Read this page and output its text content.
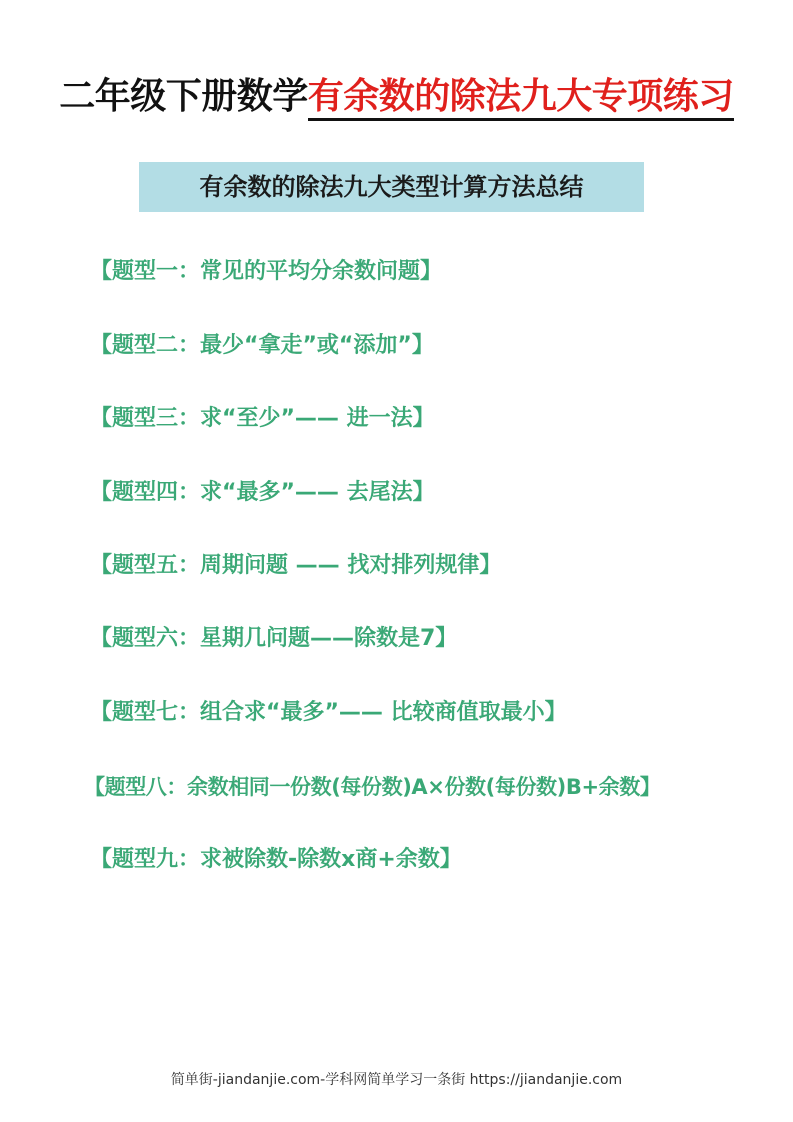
二年级下册数学有余数的除法九大专项练习
有余数的除法九大类型计算方法总结
【题型一：常见的平均分余数问题】
【题型二：最少“拿走”或“添加”】
【题型三：求“至少”—— 进一法】
【题型四：求“最多”—— 去尾法】
【题型五：周期问题 —— 找对排列规律】
【题型六：星期几问题——除数是7】
【题型七：组合求“最多”—— 比较商值取最小】
【题型八：余数相同一份数(每份数)A×份数(每份数)B+余数】
【题型九：求被除数-除数x商+余数】
简单街-jiandanjie.com-学科网简单学习一条街 https://jiandanjie.com
